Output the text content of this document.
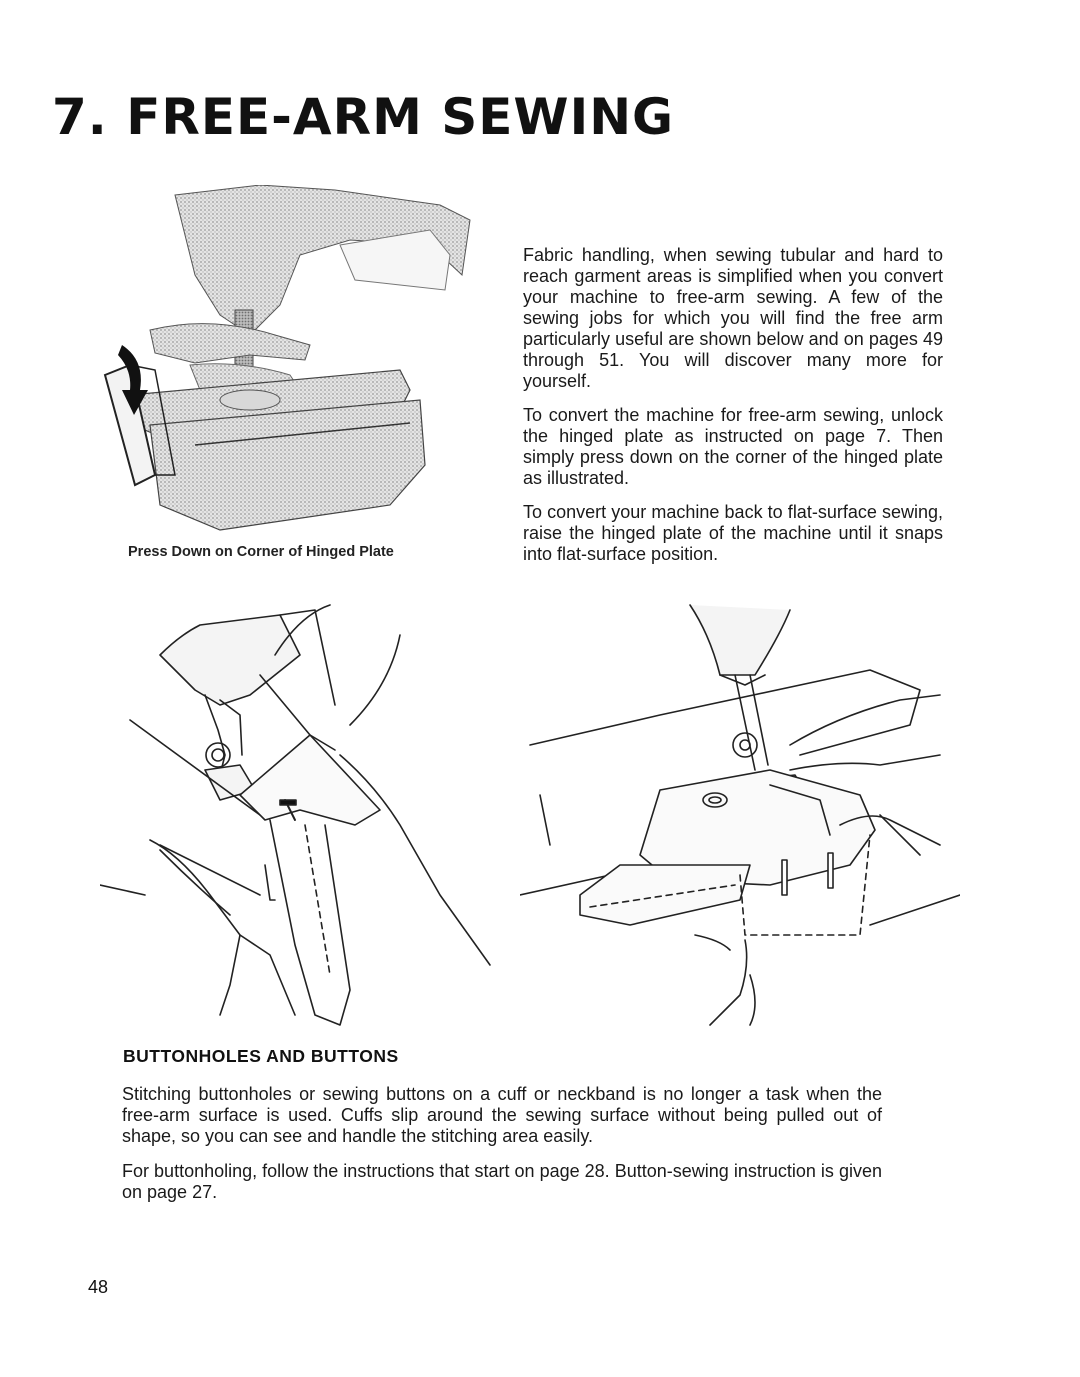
7. FREE-ARM SEWING
Press Down on Corner of Hinged Plate

Fabric handling, when sewing tubular and hard to reach garment areas is simplified when you convert your machine to free-arm sewing. A few of the sewing jobs for which you will find the free arm particularly useful are shown below and on pages 49 through 51. You will discover many more for yourself.

To convert the machine for free-arm sewing, unlock the hinged plate as instructed on page 7. Then simply press down on the corner of the hinged plate as illustrated.

To convert your machine back to flat-surface sewing, raise the hinged plate of the machine until it snaps into flat-surface position.

BUTTONHOLES AND BUTTONS

Stitching buttonholes or sewing buttons on a cuff or neckband is no longer a task when the free-arm surface is used. Cuffs slip around the sewing surface without being pulled out of shape, so you can see and handle the stitching area easily.

For buttonholing, follow the instructions that start on page 28. Button-sewing instruction is given on page 27.

48
